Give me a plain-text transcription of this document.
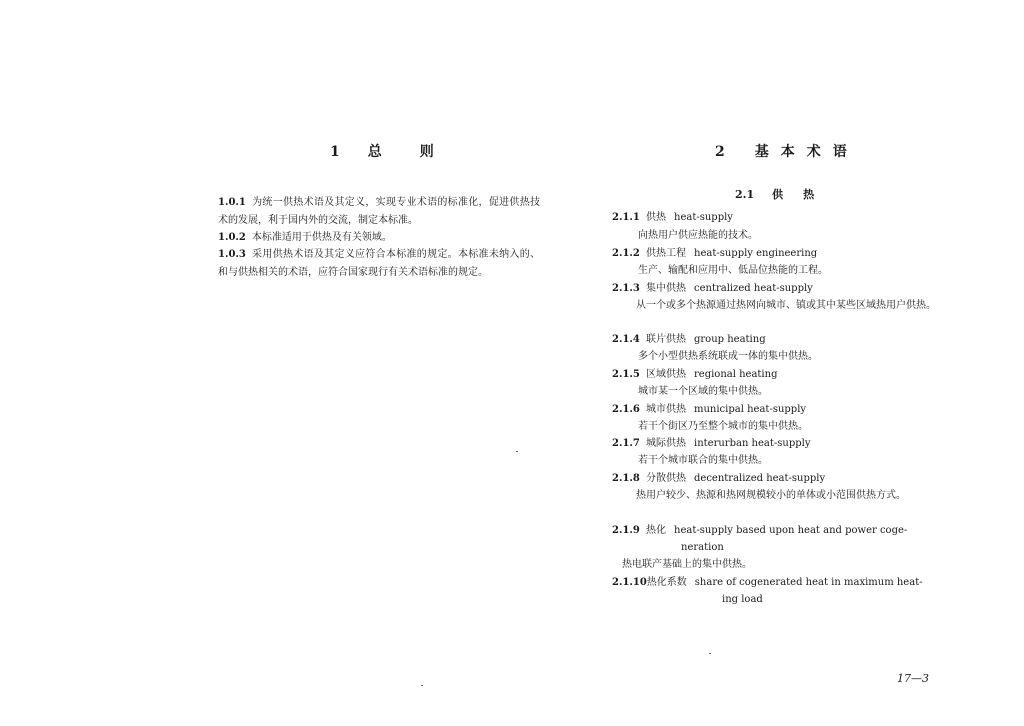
1 总	则

1.0.1 为统一供热术语及其定义，实现专业术语的标准化，促进供热技术的发展，利于国内外的交流，制定本标准。

1.0.2 本标准适用于供热及有关领域。

1.0.3 采用供热术语及其定义应符合本标准的规定。本标准未纳入的、和与供热相关的术语，应符合国家现行有关术语标准的规定。

2 基 本 术 语
2.1 供 热
2.1.1 供热 heat-supply

向热用户供应热能的技术。

2.1.2 供热工程 heat-supply engineering

生产、输配和应用中、低品位热能的工程。

2.1.3 集中供热 centralized heat-supply

从一个或多个热源通过热网向城市、镇或其中某些区域热用户供热。

2.1.4 联片供热 group heating

多个小型供热系统联成一体的集中供热。

2.1.5 区域供热 regional heating

城市某一个区域的集中供热。

2.1.6 城市供热 municipal heat-supply

若干个街区乃至整个城市的集中供热。

2.1.7 城际供热 interurban heat-supply

若干个城市联合的集中供热。

2.1.8 分散供热 decentralized heat-supply

热用户较少、热源和热网规模较小的单体或小范围供热方式。

2.1.9 热化 heat-supply based upon heat and power coge-
neration

热电联产基础上的集中供热。

2.1.10热化系数 share of cogenerated heat in maximum heat-
ing load
17—3
